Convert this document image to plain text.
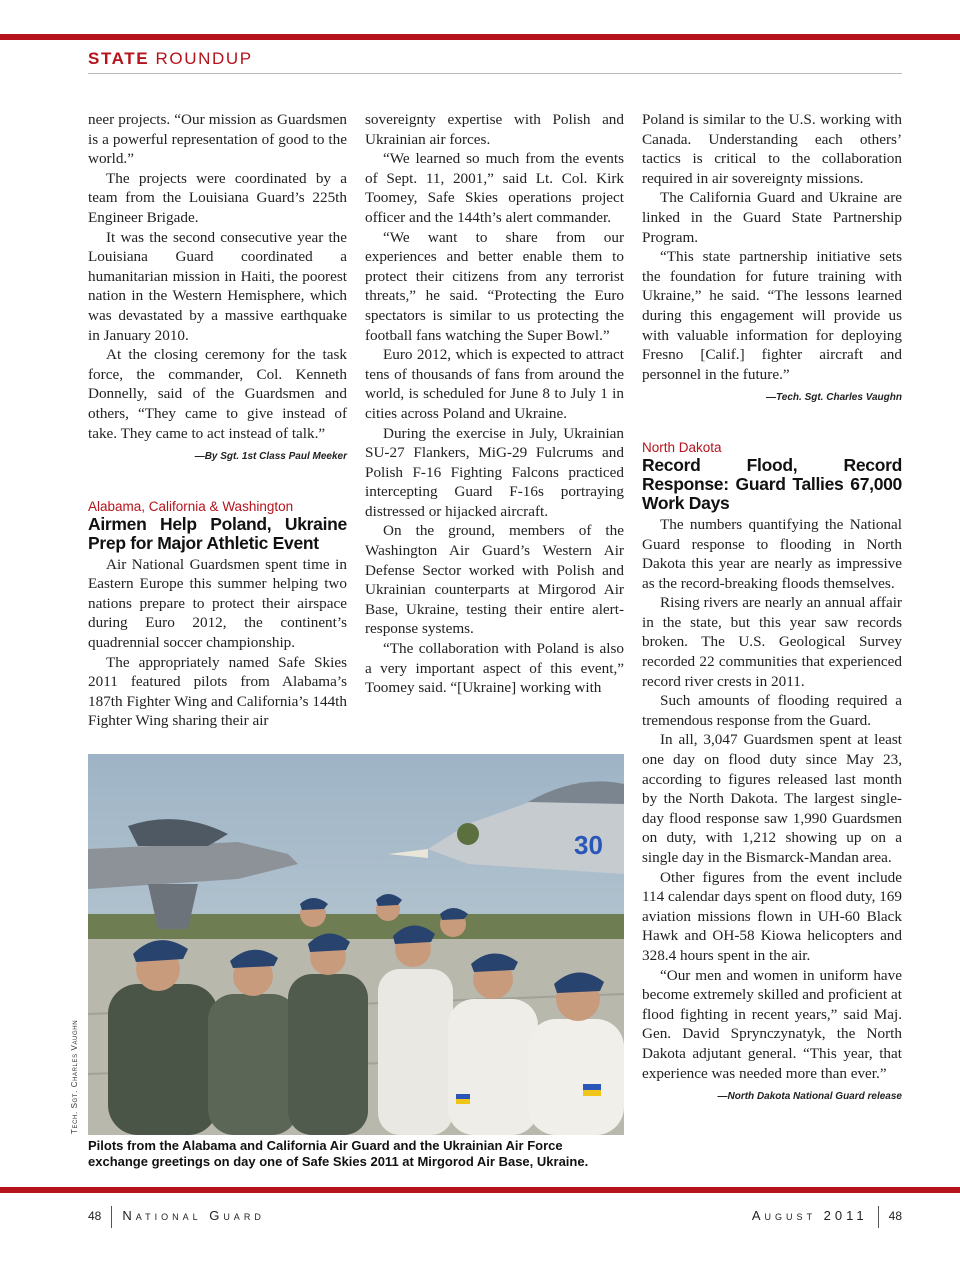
STATE ROUNDUP

neer projects. “Our mission as Guardsmen is a powerful representation of good to the world.”

The projects were coordinated by a team from the Louisiana Guard’s 225th Engineer Brigade.

It was the second consecutive year the Louisiana Guard coordinated a humanitarian mission in Haiti, the poorest nation in the Western Hemisphere, which was devastated by a massive earthquake in January 2010.

At the closing ceremony for the task force, the commander, Col. Kenneth Donnelly, said of the Guardsmen and others, “They came to give instead of take. They came to act instead of talk.”

—By Sgt. 1st Class Paul Meeker
Alabama, California & Washington
Airmen Help Poland, Ukraine Prep for Major Athletic Event

Air National Guardsmen spent time in Eastern Europe this summer helping two nations prepare to protect their airspace during Euro 2012, the continent’s quadrennial soccer championship.

The appropriately named Safe Skies 2011 featured pilots from Alabama’s 187th Fighter Wing and California’s 144th Fighter Wing sharing their air

sovereignty expertise with Polish and Ukrainian air forces.

“We learned so much from the events of Sept. 11, 2001,” said Lt. Col. Kirk Toomey, Safe Skies operations project officer and the 144th’s alert commander.

“We want to share from our experiences and better enable them to protect their citizens from any terrorist threats,” he said. “Protecting the Euro spectators is similar to us protecting the football fans watching the Super Bowl.”

Euro 2012, which is expected to attract tens of thousands of fans from around the world, is scheduled for June 8 to July 1 in cities across Poland and Ukraine.

During the exercise in July, Ukrainian SU-27 Flankers, MiG-29 Fulcrums and Polish F-16 Fighting Falcons practiced intercepting Guard F-16s portraying distressed or hijacked aircraft.

On the ground, members of the Washington Air Guard’s Western Air Defense Sector worked with Polish and Ukrainian counterparts at Mirgorod Air Base, Ukraine, testing their entire alert-response systems.

“The collaboration with Poland is also a very important aspect of this event,” Toomey said. “[Ukraine] working with

Poland is similar to the U.S. working with Canada. Understanding each others’ tactics is critical to the collaboration required in air sovereignty missions.

The California Guard and Ukraine are linked in the Guard State Partnership Program.

“This state partnership initiative sets the foundation for future training with Ukraine,” he said. “The lessons learned during this engagement will provide us with valuable information for deploying Fresno [Calif.] fighter aircraft and personnel in the future.”

—Tech. Sgt. Charles Vaughn
North Dakota
Record Flood, Record Response: Guard Tallies 67,000 Work Days

The numbers quantifying the National Guard response to flooding in North Dakota this year are nearly as impressive as the record-breaking floods themselves.

Rising rivers are nearly an annual affair in the state, but this year saw records broken. The U.S. Geological Survey recorded 22 communities that experienced record river crests in 2011.

Such amounts of flooding required a tremendous response from the Guard.

In all, 3,047 Guardsmen spent at least one day on flood duty since May 23, according to figures released last month by the North Dakota. The largest single-day flood response saw 1,990 Guardsmen on duty, with 1,212 showing up on a single day in the Bismarck-Mandan area.

Other figures from the event include 114 calendar days spent on flood duty, 169 aviation missions flown in UH-60 Black Hawk and OH-58 Kiowa helicopters and 328.4 hours spent in the air.

“Our men and women in uniform have become extremely skilled and proficient at flood fighting in recent years,” said Maj. Gen. David Sprynczynatyk, the North Dakota adjutant general. “This year, that experience was needed more than ever.”

—North Dakota National Guard release
30
Tech. Sgt. Charles Vaughn
Pilots from the Alabama and California Air Guard and the Ukrainian Air Force exchange greetings on day one of Safe Skies 2011 at Mirgorod Air Base, Ukraine.
48 National Guard	August 2011 48
